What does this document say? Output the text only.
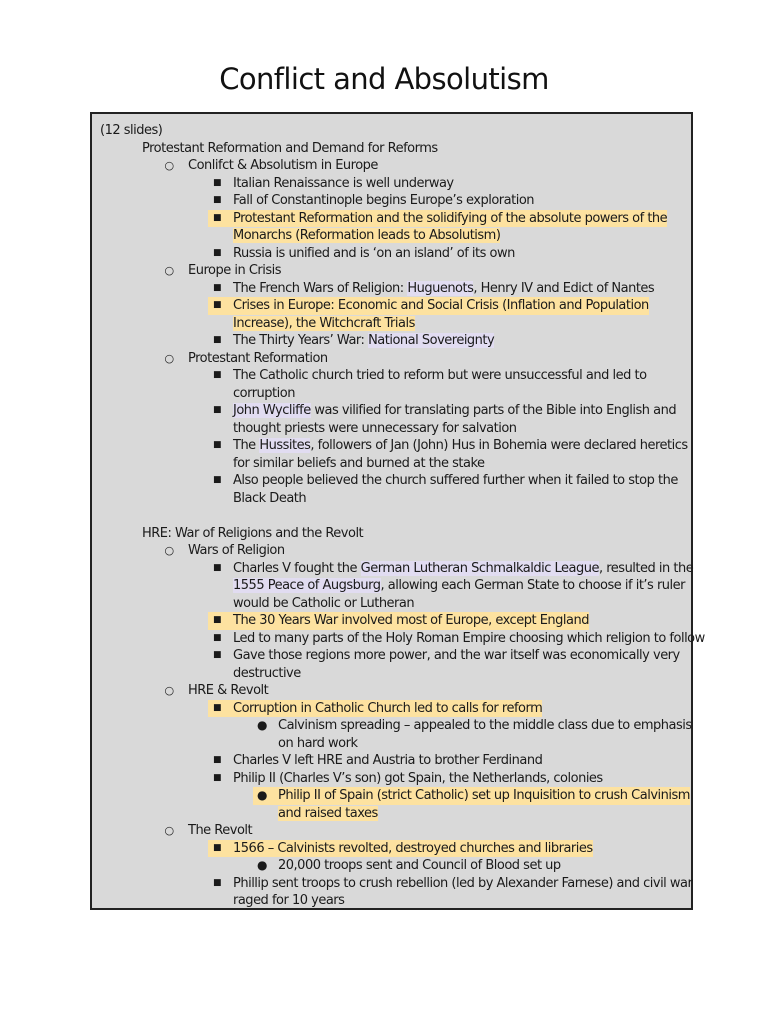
Conflict and Absolutism
(12 slides)
Protestant Reformation and Demand for Reforms
○ Conlifct & Absolutism in Europe
■ Italian Renaissance is well underway
■ Fall of Constantinople begins Europe’s exploration
■ Protestant Reformation and the solidifying of the absolute powers of the
Monarchs (Reformation leads to Absolutism)
■ Russia is unified and is ‘on an island’ of its own
○ Europe in Crisis
■ The French Wars of Religion: Huguenots, Henry IV and Edict of Nantes
■ Crises in Europe: Economic and Social Crisis (Inflation and Population
Increase), the Witchcraft Trials
■ The Thirty Years’ War: National Sovereignty
○ Protestant Reformation
■ The Catholic church tried to reform but were unsuccessful and led to
corruption
■ John Wycliffe was vilified for translating parts of the Bible into English and
thought priests were unnecessary for salvation
■ The Hussites, followers of Jan (John) Hus in Bohemia were declared heretics
for similar beliefs and burned at the stake
■ Also people believed the church suffered further when it failed to stop the
Black Death
HRE: War of Religions and the Revolt
○ Wars of Religion
■ Charles V fought the German Lutheran Schmalkaldic League, resulted in the
1555 Peace of Augsburg, allowing each German State to choose if it’s ruler
would be Catholic or Lutheran
■ The 30 Years War involved most of Europe, except England
■ Led to many parts of the Holy Roman Empire choosing which religion to follow
■ Gave those regions more power, and the war itself was economically very
destructive
○ HRE & Revolt
■ Corruption in Catholic Church led to calls for reform
● Calvinism spreading – appealed to the middle class due to emphasis
on hard work
■ Charles V left HRE and Austria to brother Ferdinand
■ Philip II (Charles V’s son) got Spain, the Netherlands, colonies
● Philip II of Spain (strict Catholic) set up Inquisition to crush Calvinism
and raised taxes
○ The Revolt
■ 1566 – Calvinists revolted, destroyed churches and libraries
● 20,000 troops sent and Council of Blood set up
■ Phillip sent troops to crush rebellion (led by Alexander Farnese) and civil war
raged for 10 years
